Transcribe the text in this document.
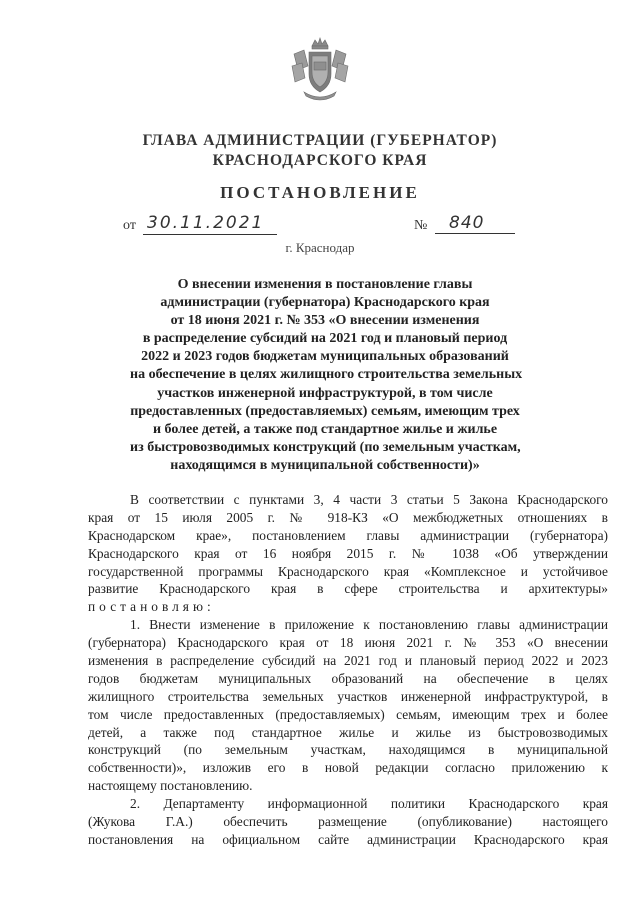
ГЛАВА АДМИНИСТРАЦИИ (ГУБЕРНАТОР)
КРАСНОДАРСКОГО КРАЯ
ПОСТАНОВЛЕНИЕ
от 30.11.2021	№	840
г. Краснодар
О внесении изменения в постановление главы
администрации (губернатора) Краснодарского края
от 18 июня 2021 г. № 353 «О внесении изменения
в распределение субсидий на 2021 год и плановый период
2022 и 2023 годов бюджетам муниципальных образований
на обеспечение в целях жилищного строительства земельных
участков инженерной инфраструктурой, в том числе
предоставленных (предоставляемых) семьям, имеющим трех
и более детей, а также под стандартное жилье и жилье
из быстровозводимых конструкций (по земельным участкам,
находящимся в муниципальной собственности)»
В соответствии с пунктами 3, 4 части 3 статьи 5 Закона Краснодарского
края от 15 июля 2005 г. № 918-КЗ «О межбюджетных отношениях в
Краснодарском крае», постановлением главы администрации (губернатора)
Краснодарского края от 16 ноября 2015 г. № 1038 «Об утверждении
государственной программы Краснодарского края «Комплексное и устойчивое
развитие Краснодарского края в сфере строительства и архитектуры»
постановляю:
1. Внести изменение в приложение к постановлению главы администрации
(губернатора) Краснодарского края от 18 июня 2021 г. № 353 «О внесении
изменения в распределение субсидий на 2021 год и плановый период 2022 и 2023
годов бюджетам муниципальных образований на обеспечение в целях
жилищного строительства земельных участков инженерной инфраструктурой, в
том числе предоставленных (предоставляемых) семьям, имеющим трех и более
детей, а также под стандартное жилье и жилье из быстровозводимых
конструкций (по земельным участкам, находящимся в муниципальной
собственности)», изложив его в новой редакции согласно приложению к
настоящему постановлению.
2. Департаменту информационной политики Краснодарского края
(Жукова Г.А.) обеспечить размещение (опубликование) настоящего
постановления на официальном сайте администрации Краснодарского края
